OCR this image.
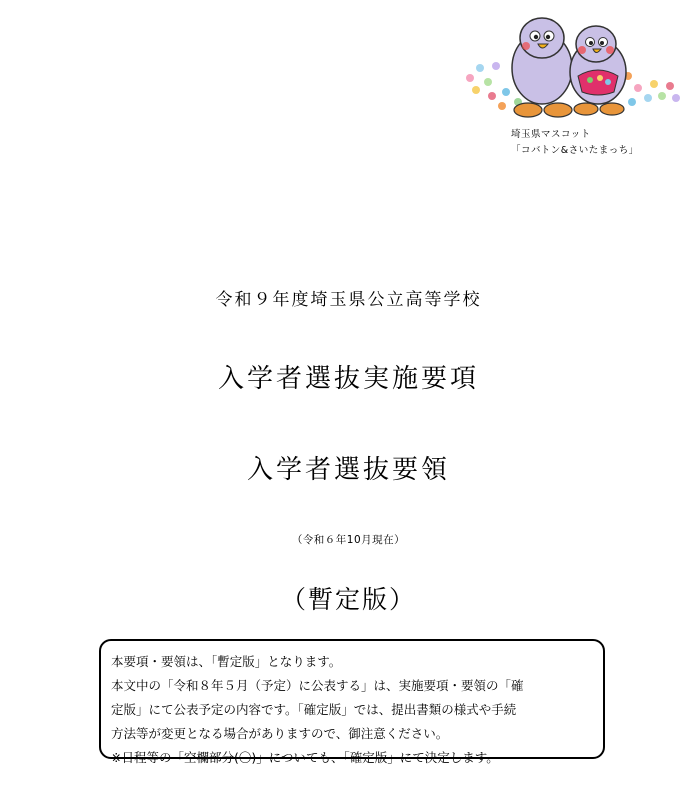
埼玉県マスコット
「コバトン&さいたまっち」
令和９年度埼玉県公立高等学校
入学者選抜実施要項
入学者選抜要領
（令和６年10月現在）
（暫定版）
本要項・要領は、「暫定版」となります。
本文中の「令和８年５月（予定）に公表する」は、実施要項・要領の「確
定版」にて公表予定の内容です。「確定版」では、提出書類の様式や手続
方法等が変更となる場合がありますので、御注意ください。
※日程等の「空欄部分(〇)」についても、「確定版」にて決定します。
